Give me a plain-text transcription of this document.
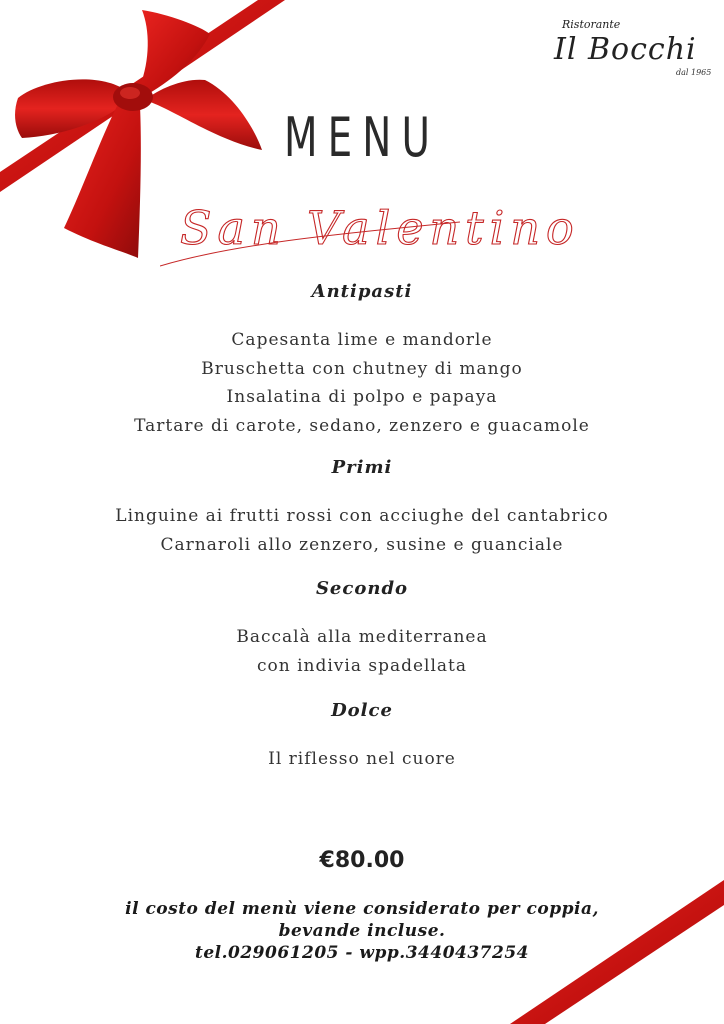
Ristorante
Il Bocchi
dal 1965
MENU
San Valentino
Antipasti
Capesanta lime e mandorle
Bruschetta con chutney di mango
Insalatina di polpo e papaya
Tartare di carote, sedano, zenzero e guacamole
Primi
Linguine ai frutti rossi con acciughe del cantabrico
Carnaroli allo zenzero, susine e guanciale
Secondo
Baccalà alla mediterranea
con indivia spadellata
Dolce
Il riflesso nel cuore
€80.00
il costo del menù viene considerato per coppia,
bevande incluse.
tel.029061205 - wpp.3440437254
